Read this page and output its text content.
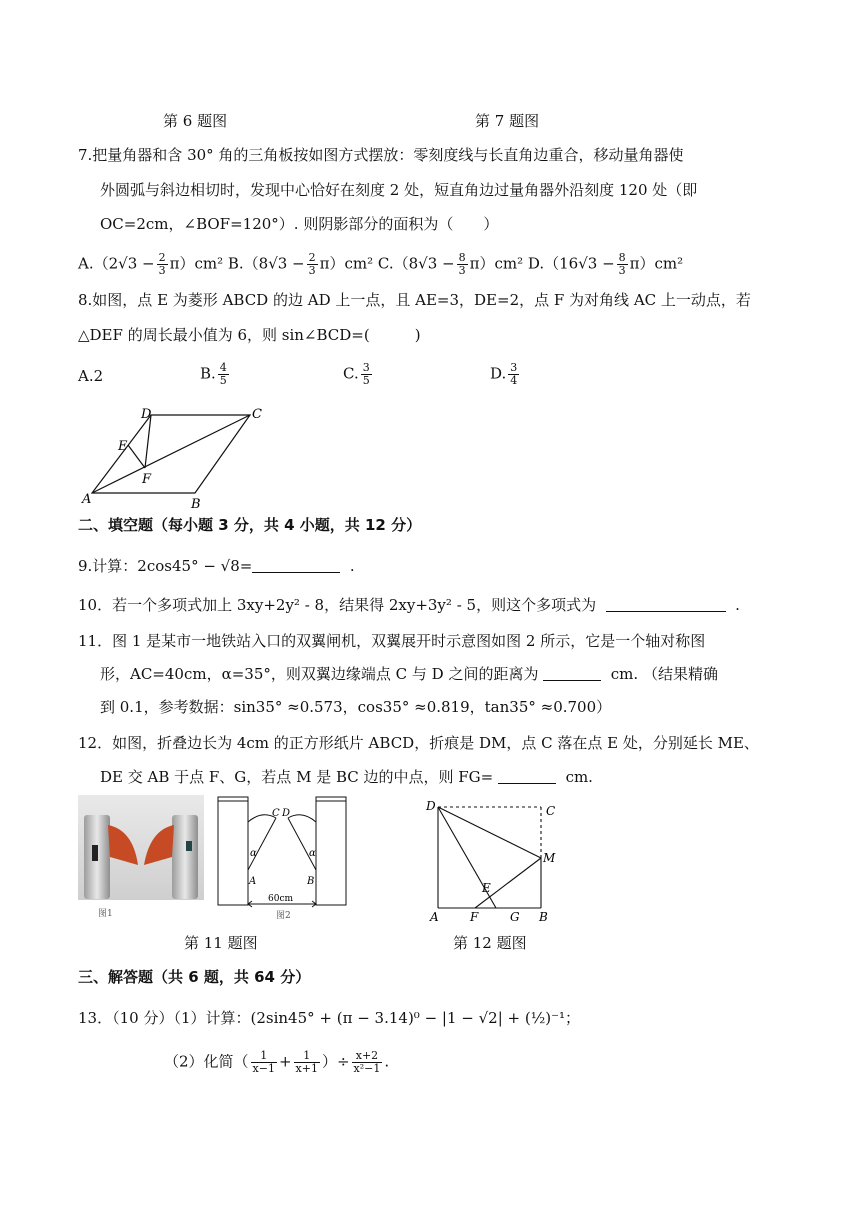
第 6 题图	第 7 题图
7.把量角器和含 30° 角的三角板按如图方式摆放：零刻度线与长直角边重合，移动量角器使
外圆弧与斜边相切时，发现中心恰好在刻度 2 处，短直角边过量角器外沿刻度 120 处（即
OC=2cm，∠BOF=120°）. 则阴影部分的面积为（　　）
$A.(2√3 - \frac{2}{3} \pi)cm^2$ $B.(8√3 - \frac{2}{3} \pi)cm^2$ $C.(8√3 - \frac{8}{3} \pi)cm^2$ $D.(16√3 - \frac{8}{3} \pi)cm^2$
8.如图，点 E 为菱形 ABCD 的边 AD 上一点，且 AE=3，DE=2，点 F 为对角线 AC 上一动点，若
△DEF 的周长最小值为 6，则 sin∠BCD=(　　　)
A.2	B. $\frac{4}{5}$	C. $\frac{3}{5}$	D. $\frac{3}{4}$
D	C
E
F
A	B
二、填空题（每小题 3 分，共 4 小题，共 12 分）
9.计算：2cos45° − √8=	.
10．若一个多项式加上 3xy+2y² - 8，结果得 2xy+3y² - 5，则这个多项式为	.
11．图 1 是某市一地铁站入口的双翼闸机，双翼展开时示意图如图 2 所示，它是一个轴对称图
形，AC=40cm，α=35°，则双翼边缘端点 C 与 D 之间的距离为	cm. （结果精确
到 0.1，参考数据：sin35° ≈0.573，cos35° ≈0.819，tan35° ≈0.700）
12．如图，折叠边长为 4cm 的正方形纸片 ABCD，折痕是 DM，点 C 落在点 E 处，分别延长 ME、
DE 交 AB 于点 F、G，若点 M 是 BC 边的中点，则 FG=	cm.
图1
C D
α	α
A	B
60cm
图2
D	C
M
E
A	F	G B
第 11 题图	第 12 题图
三、解答题（共 6 题，共 64 分）
13．（10 分）（1）计算：(2sin45° + (π − 3.14)⁰ − |1 − √2| + (½)⁻¹；
（2）化简（ $\frac{1}{x-1} + \frac{1}{x+1}$ ）÷ $\frac{x+2}{\text{x²−1}}$ .
